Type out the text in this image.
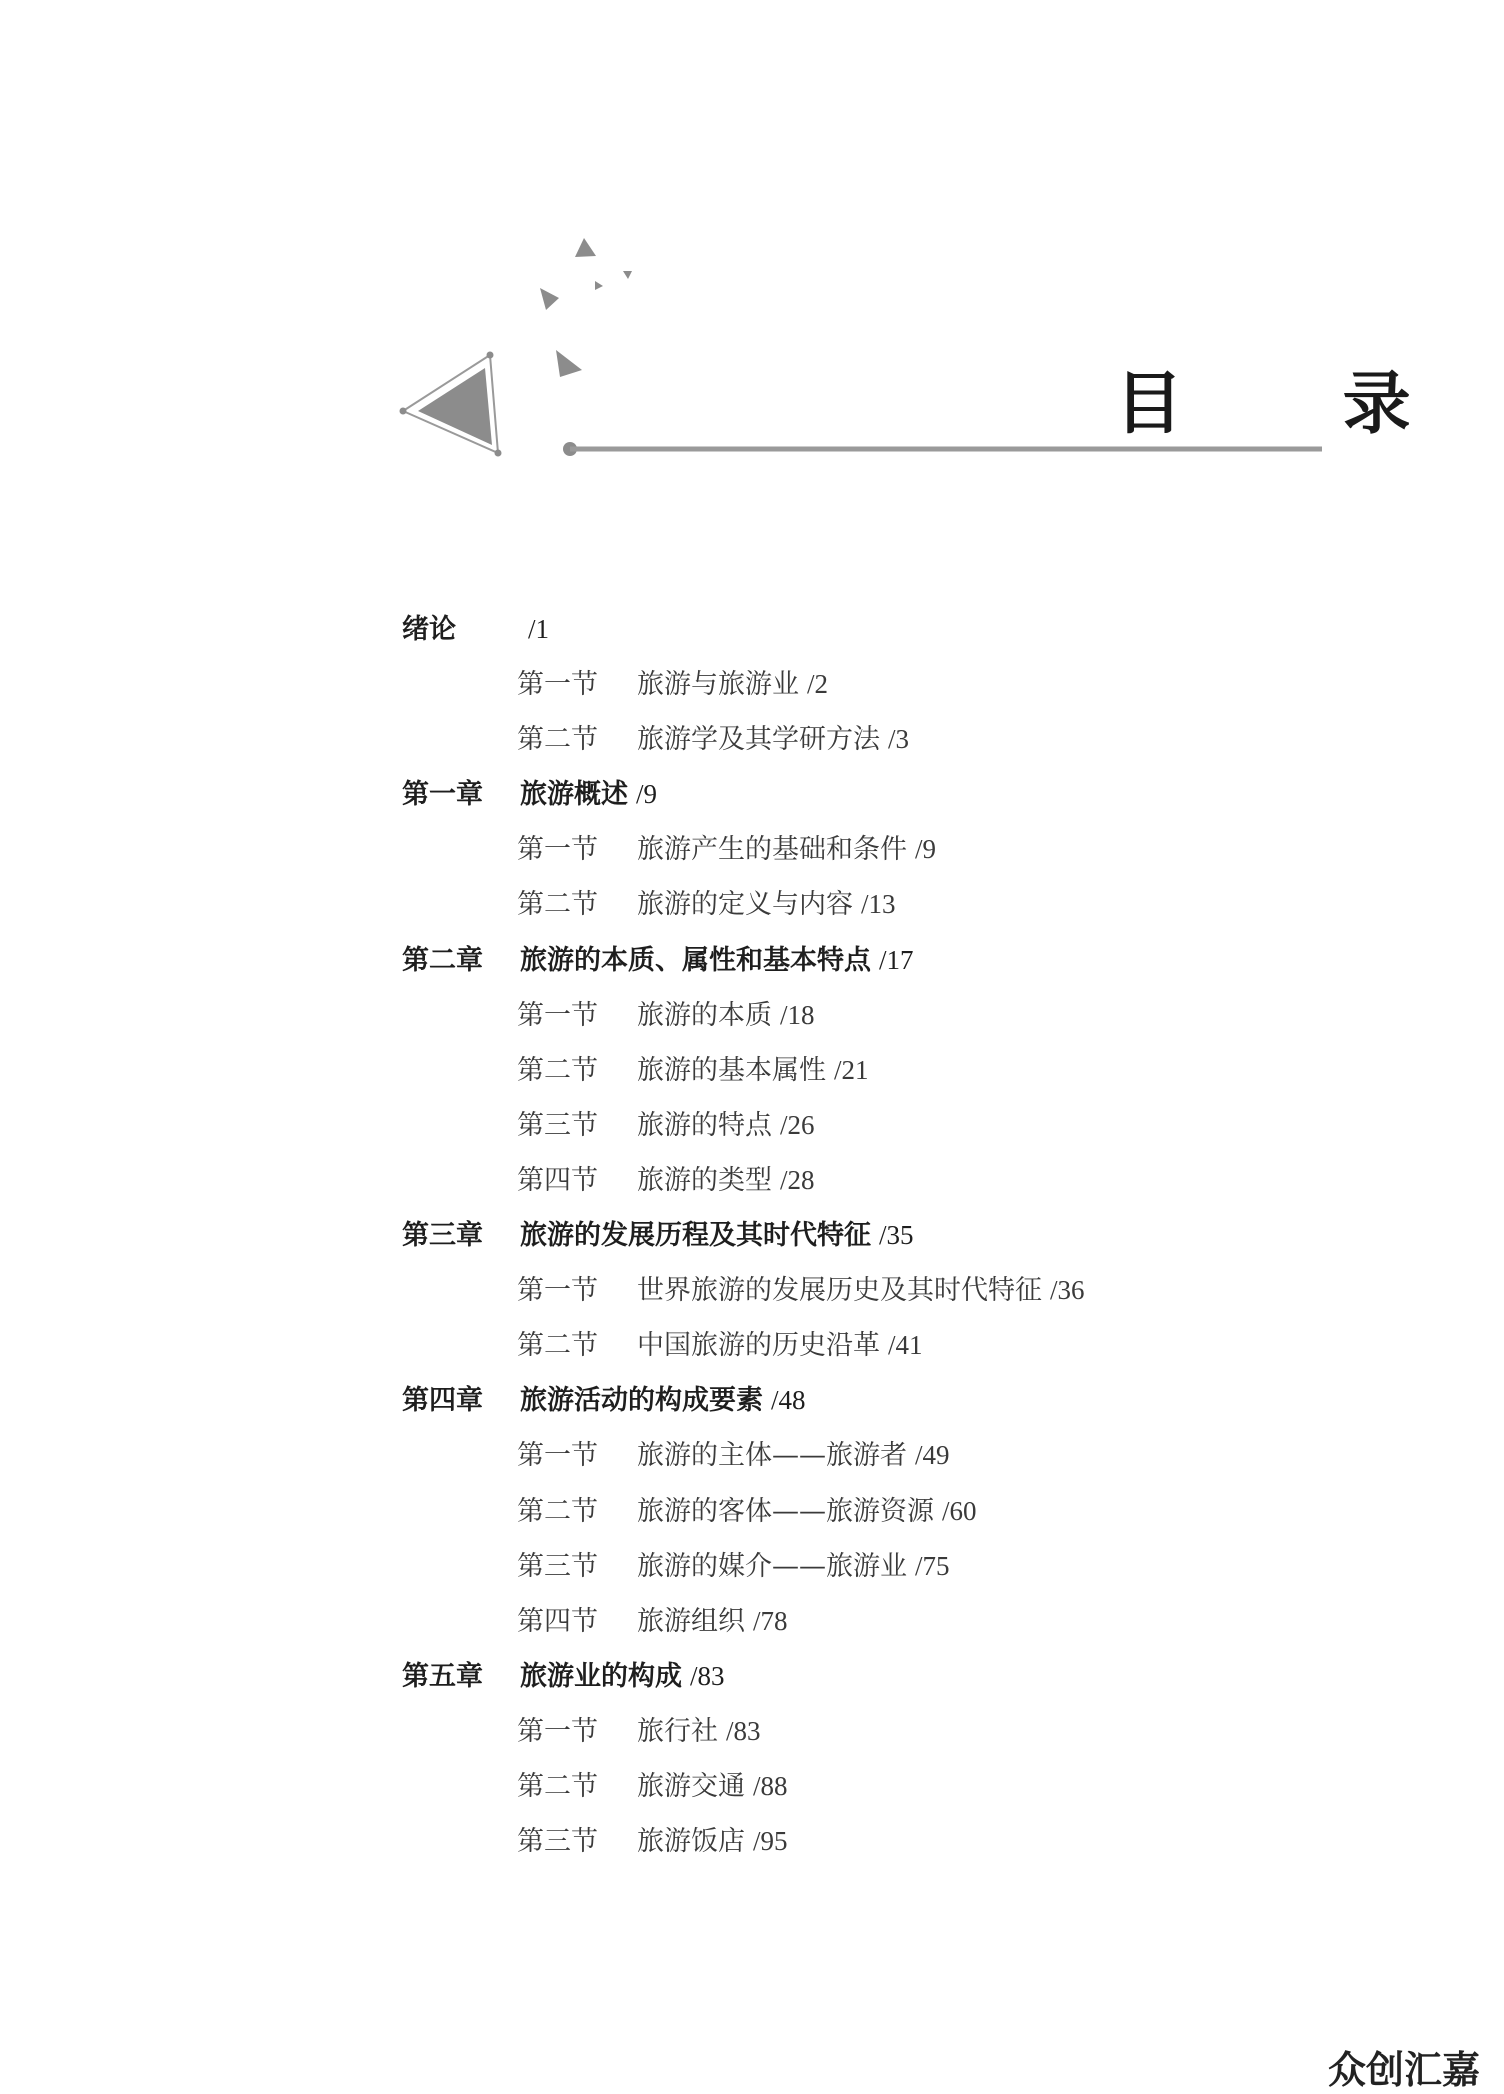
目 录
绪论	/1
第一节 旅游与旅游业 /2
第二节 旅游学及其学研方法 /3
第一章 旅游概述 /9
第一节 旅游产生的基础和条件 /9
第二节 旅游的定义与内容 /13
第二章 旅游的本质、属性和基本特点 /17
第一节 旅游的本质 /18
第二节 旅游的基本属性 /21
第三节 旅游的特点 /26
第四节 旅游的类型 /28
第三章 旅游的发展历程及其时代特征 /35
第一节 世界旅游的发展历史及其时代特征 /36
第二节 中国旅游的历史沿革 /41
第四章 旅游活动的构成要素 /48
第一节 旅游的主体——旅游者 /49
第二节 旅游的客体——旅游资源 /60
第三节 旅游的媒介——旅游业 /75
第四节 旅游组织 /78
第五章 旅游业的构成 /83
第一节 旅行社 /83
第二节 旅游交通 /88
第三节 旅游饭店 /95
众创汇嘉
